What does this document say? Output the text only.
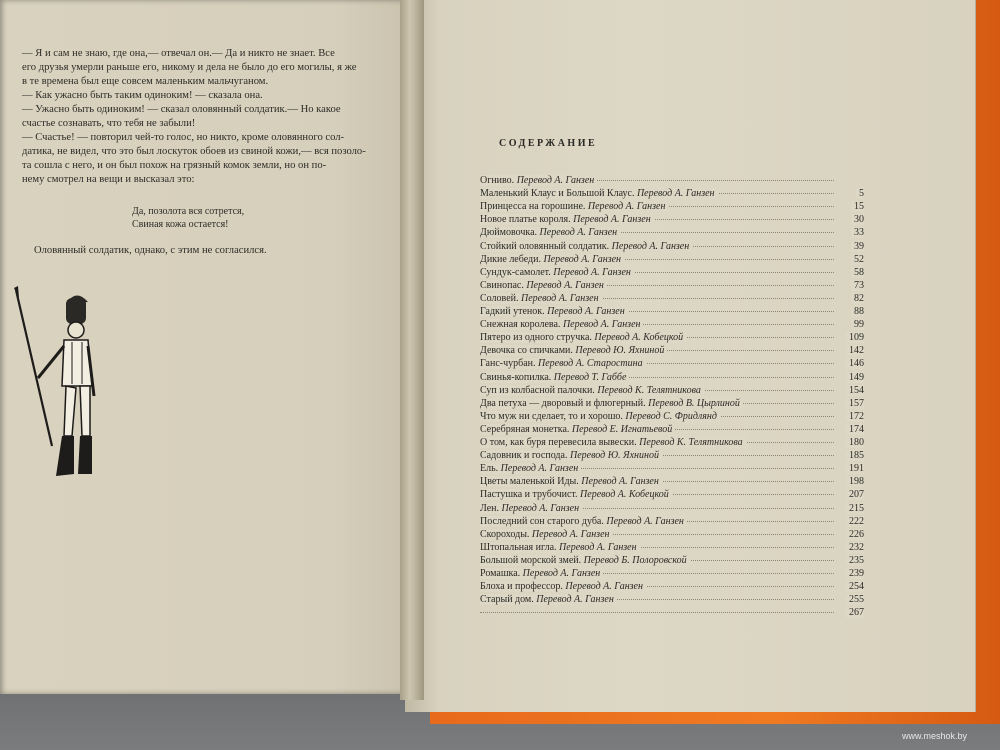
— Я и сам не знаю, где она,— отвечал он.— Да и никто не знает. Все
его друзья умерли раньше его, никому и дела не было до его могилы, я же
в те времена был еще совсем маленьким мальчуганом.
— Как ужасно быть таким одиноким! — сказала она.
— Ужасно быть одиноким! — сказал оловянный солдатик.— Но какое
счастье сознавать, что тебя не забыли!
— Счастье! — повторил чей-то голос, но никто, кроме оловянного сол-
датика, не видел, что это был лоскуток обоев из свиной кожи,— вся позоло-
та сошла с него, и он был похож на грязный комок земли, но он по-
нему смотрел на вещи и высказал это:
Да, позолота вся сотрется,
Свиная кожа остается!
Оловянный солдатик, однако, с этим не согласился.
СОДЕРЖАНИЕ
Огниво. Перевод А. Ганзен
Маленький Клаус и Большой Клаус. Перевод А. Ганзен	5
Принцесса на горошине. Перевод А. Ганзен	15
Новое платье короля. Перевод А. Ганзен	30
Дюймовочка. Перевод А. Ганзен	33
Стойкий оловянный солдатик. Перевод А. Ганзен	39
Дикие лебеди. Перевод А. Ганзен	52
Сундук-самолет. Перевод А. Ганзен	58
Свинопас. Перевод А. Ганзен	73
Соловей. Перевод А. Ганзен	82
Гадкий утенок. Перевод А. Ганзен	88
Снежная королева. Перевод А. Ганзен	99
Пятеро из одного стручка. Перевод А. Кобецкой	109
Девочка со спичками. Перевод Ю. Яхниной	142
Ганс-чурбан. Перевод А. Старостина	146
Свинья-копилка. Перевод Т. Габбе	149
Суп из колбасной палочки. Перевод К. Телятникова	154
Два петуха — дворовый и флюгерный. Перевод В. Цырлиной	157
Что муж ни сделает, то и хорошо. Перевод С. Фридлянд	172
Серебряная монетка. Перевод Е. Игнатьевой	174
О том, как буря перевесила вывески. Перевод К. Телятникова	180
Садовник и господа. Перевод Ю. Яхниной	185
Ель. Перевод А. Ганзен	191
Цветы маленькой Иды. Перевод А. Ганзен	198
Пастушка и трубочист. Перевод А. Кобецкой	207
Лен. Перевод А. Ганзен	215
Последний сон старого дуба. Перевод А. Ганзен	222
Скороходы. Перевод А. Ганзен	226
Штопальная игла. Перевод А. Ганзен	232
Большой морской змей. Перевод Б. Полоровской	235
Ромашка. Перевод А. Ганзен	239
Блоха и профессор. Перевод А. Ганзен	254
Старый дом. Перевод А. Ганзен	255
267
www.meshok.by
